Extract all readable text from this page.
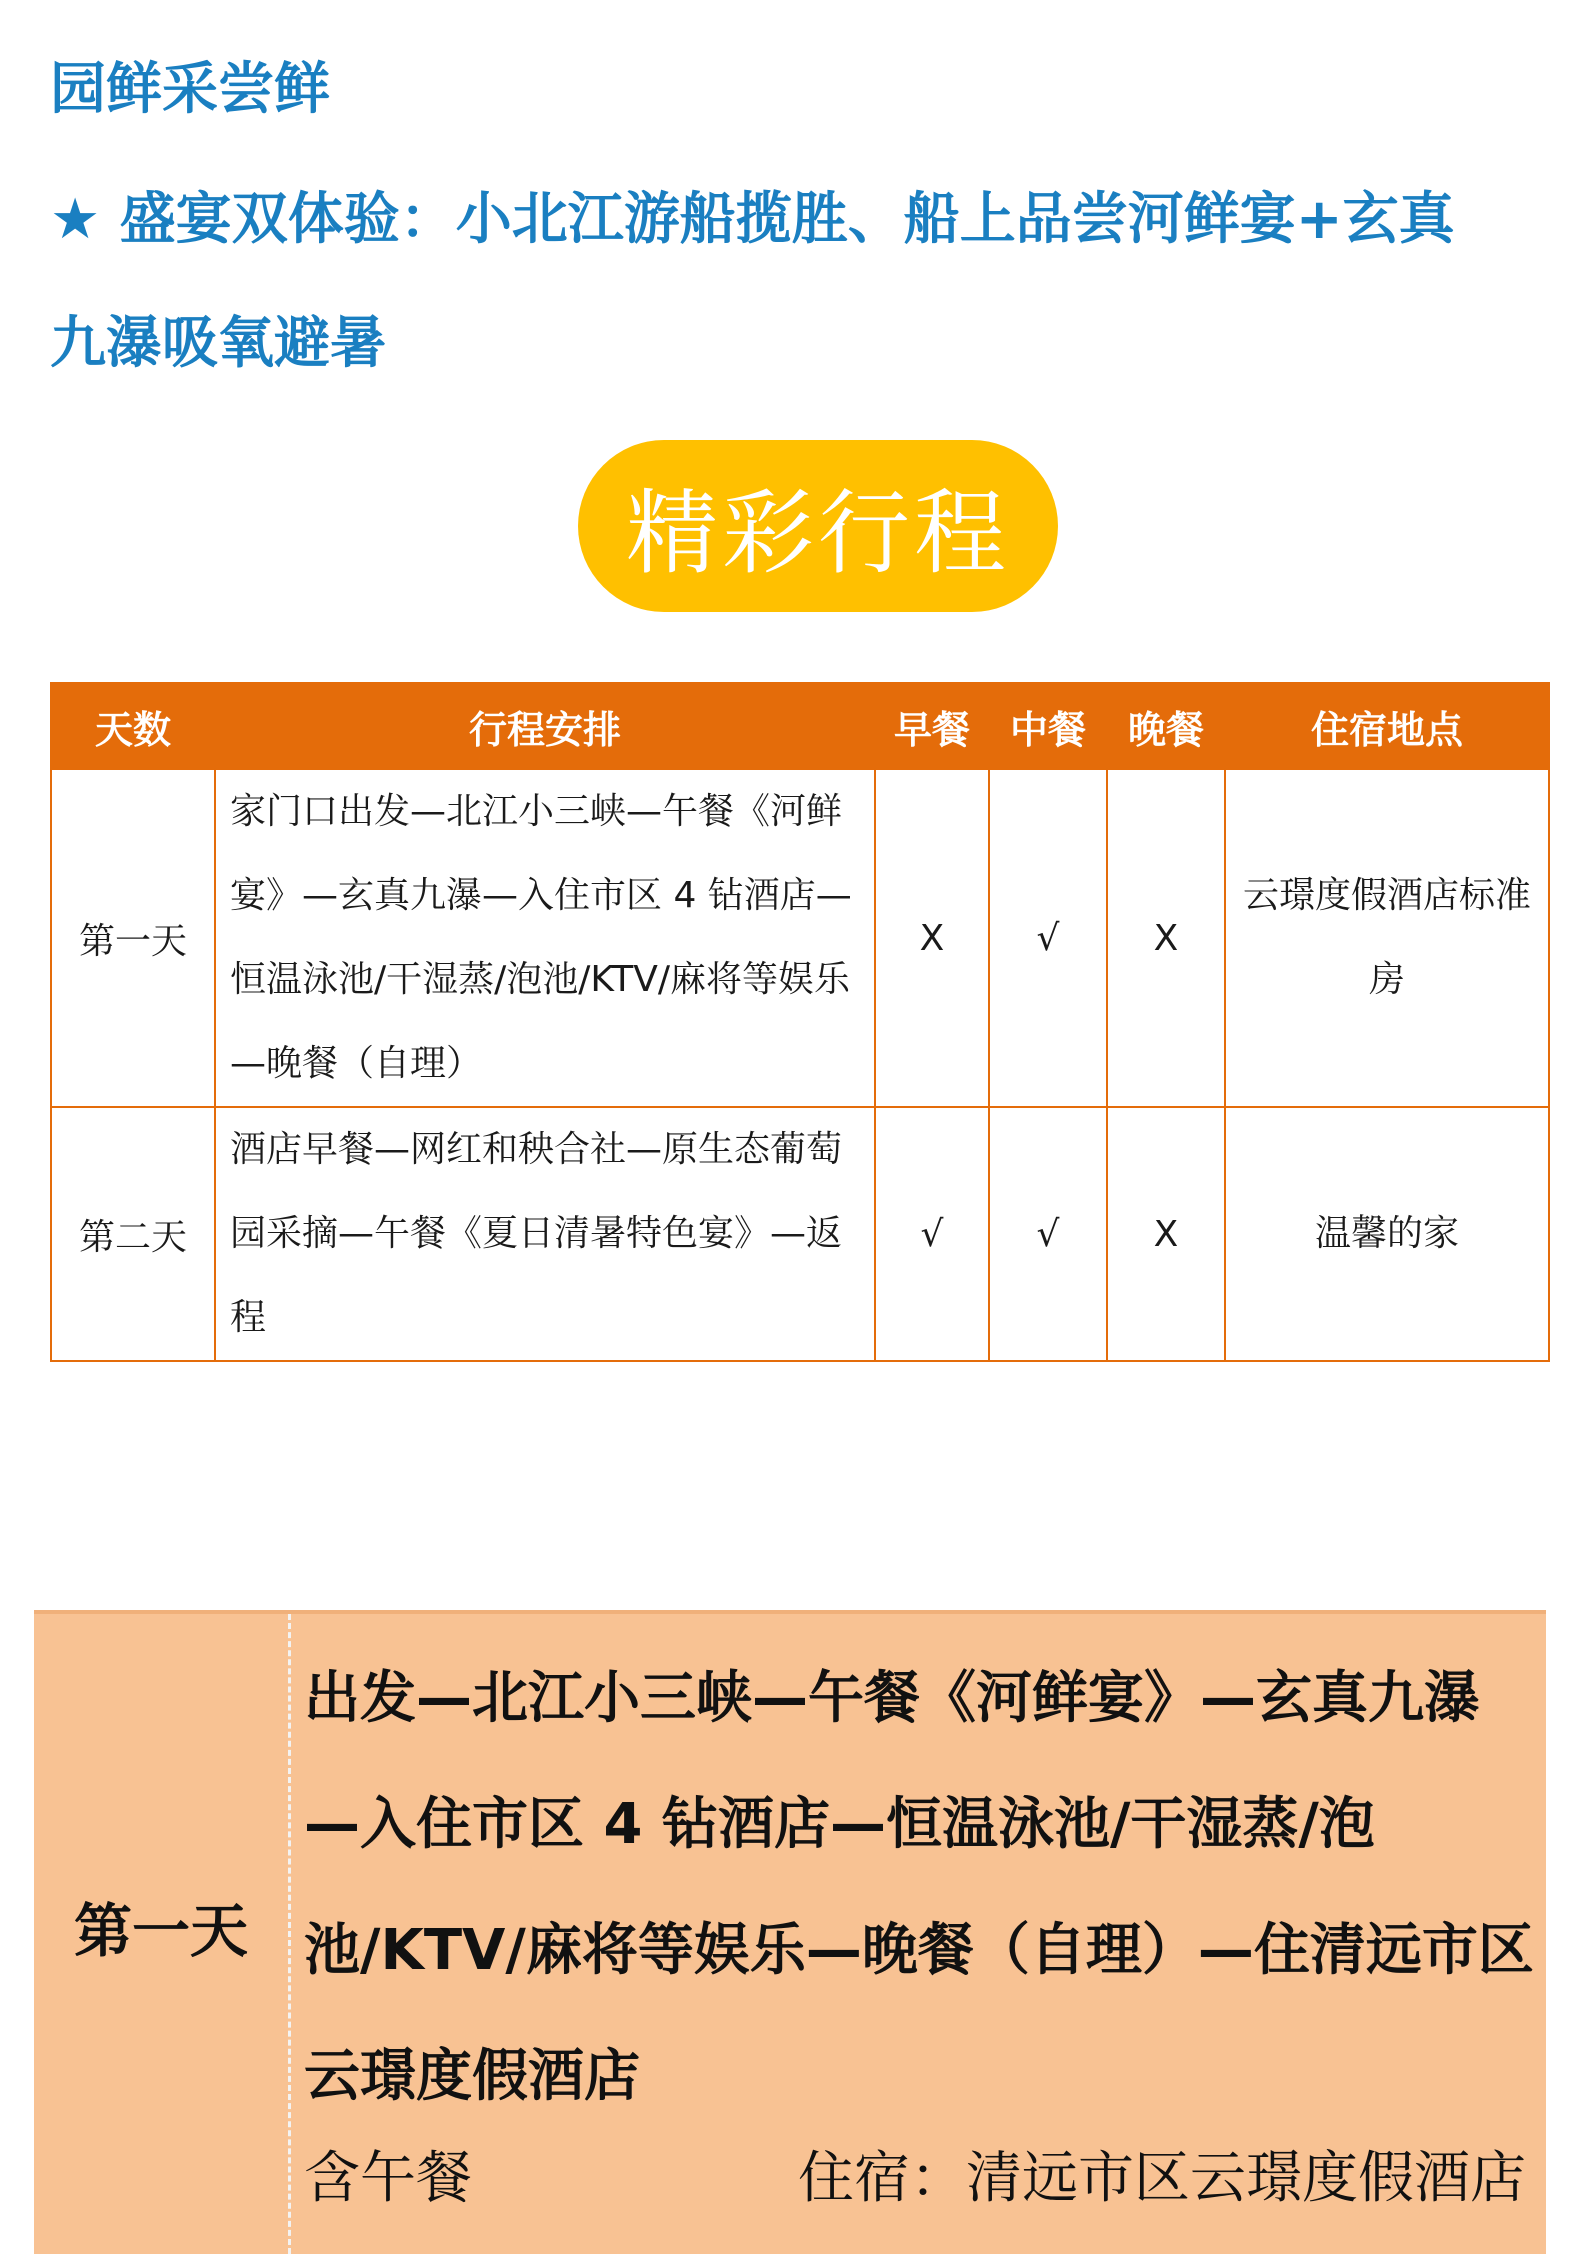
园鲜采尝鲜
★ 盛宴双体验：小北江游船揽胜、船上品尝河鲜宴+玄真
九瀑吸氧避暑
精彩行程
天数	行程安排	早餐	中餐	晚餐	住宿地点
第一天	家门口出发—北江小三峡—午餐《河鲜宴》—玄真九瀑—入住市区 4 钻酒店—恒温泳池/干湿蒸/泡池/KTV/麻将等娱乐—晚餐（自理）	X	√	X	云璟度假酒店标准房
第二天	酒店早餐—网红和秧合社—原生态葡萄园采摘—午餐《夏日清暑特色宴》—返程	√	√	X	温馨的家
第一天
出发—北江小三峡—午餐《河鲜宴》—玄真九瀑—入住市区 4 钻酒店—恒温泳池/干湿蒸/泡池/KTV/麻将等娱乐—晚餐（自理）—住清远市区云璟度假酒店
含午餐	住宿：清远市区云璟度假酒店
